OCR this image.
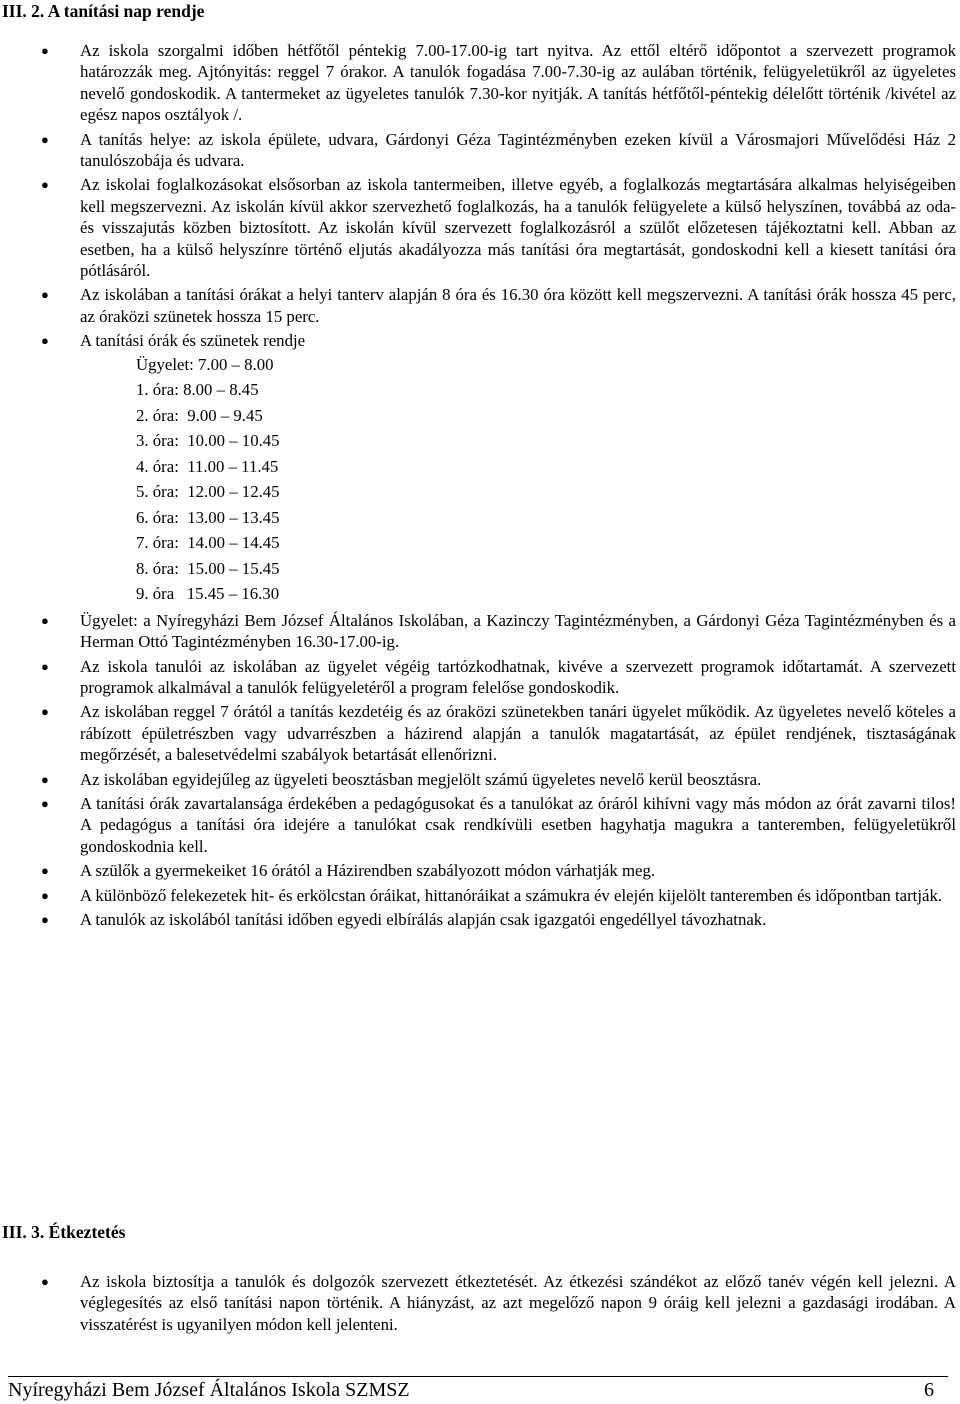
III. 2. A tanítási nap rendje
● Az iskola szorgalmi időben hétfőtől péntekig 7.00-17.00-ig tart nyitva. Az ettől eltérő időpontot a szervezett programok határozzák meg. Ajtónyitás: reggel 7 órakor. A tanulók fogadása 7.00-7.30-ig az aulában történik, felügyeletükről az ügyeletes nevelő gondoskodik. A tantermeket az ügyeletes tanulók 7.30-kor nyitják. A tanítás hétfőtől-péntekig délelőtt történik /kivétel az egész napos osztályok /.
● A tanítás helye: az iskola épülete, udvara, Gárdonyi Géza Tagintézményben ezeken kívül a Városmajori Művelődési Ház 2 tanulószobája és udvara.
● Az iskolai foglalkozásokat elsősorban az iskola tantermeiben, illetve egyéb, a foglalkozás megtartására alkalmas helyiségeiben kell megszervezni. Az iskolán kívül akkor szervezhető foglalkozás, ha a tanulók felügyelete a külső helyszínen, továbbá az oda- és visszajutás közben biztosított. Az iskolán kívül szervezett foglalkozásról a szülőt előzetesen tájékoztatni kell. Abban az esetben, ha a külső helyszínre történő eljutás akadályozza más tanítási óra megtartását, gondoskodni kell a kiesett tanítási óra pótlásáról.
● Az iskolában a tanítási órákat a helyi tanterv alapján 8 óra és 16.30 óra között kell megszervezni. A tanítási órák hossza 45 perc, az óraközi szünetek hossza 15 perc.
● A tanítási órák és szünetek rendje
Ügyelet: 7.00 – 8.00
1. óra: 8.00 – 8.45
2. óra:  9.00 – 9.45
3. óra:  10.00 – 10.45
4. óra:  11.00 – 11.45
5. óra:  12.00 – 12.45
6. óra:  13.00 – 13.45
7. óra:  14.00 – 14.45
8. óra:  15.00 – 15.45
9. óra   15.45 – 16.30
● Ügyelet: a Nyíregyházi Bem József Általános Iskolában, a Kazinczy Tagintézményben, a Gárdonyi Géza Tagintézményben és a Herman Ottó Tagintézményben 16.30-17.00-ig.
● Az iskola tanulói az iskolában az ügyelet végéig tartózkodhatnak, kivéve a szervezett programok időtartamát. A szervezett programok alkalmával a tanulók felügyeletéről a program felelőse gondoskodik.
● Az iskolában reggel 7 órától a tanítás kezdetéig és az óraközi szünetekben tanári ügyelet működik. Az ügyeletes nevelő köteles a rábízott épületrészben vagy udvarrészben a házirend alapján a tanulók magatartását, az épület rendjének, tisztaságának megőrzését, a balesetvédelmi szabályok betartását ellenőrizni.
● Az iskolában egyidejűleg az ügyeleti beosztásban megjelölt számú ügyeletes nevelő kerül beosztásra.
● A tanítási órák zavartalansága érdekében a pedagógusokat és a tanulókat az óráról kihívni vagy más módon az órát zavarni tilos! A pedagógus a tanítási óra idejére a tanulókat csak rendkívüli esetben hagyhatja magukra a tanteremben, felügyeletükről gondoskodnia kell.
● A szülők a gyermekeiket 16 órától a Házirendben szabályozott módon várhatják meg.
● A különböző felekezetek hit- és erkölcstan óráikat, hittanóráikat a számukra év elején kijelölt tanteremben és időpontban tartják.
● A tanulók az iskolából tanítási időben egyedi elbírálás alapján csak igazgatói engedéllyel távozhatnak.
III. 3. Étkeztetés
● Az iskola biztosítja a tanulók és dolgozók szervezett étkeztetését. Az étkezési szándékot az előző tanév végén kell jelezni. A véglegesítés az első tanítási napon történik. A hiányzást, az azt megelőző napon 9 óráig kell jelezni a gazdasági irodában. A visszatérést is ugyanilyen módon kell jelenteni.
Nyíregyházi Bem József Általános Iskola SZMSZ	6
